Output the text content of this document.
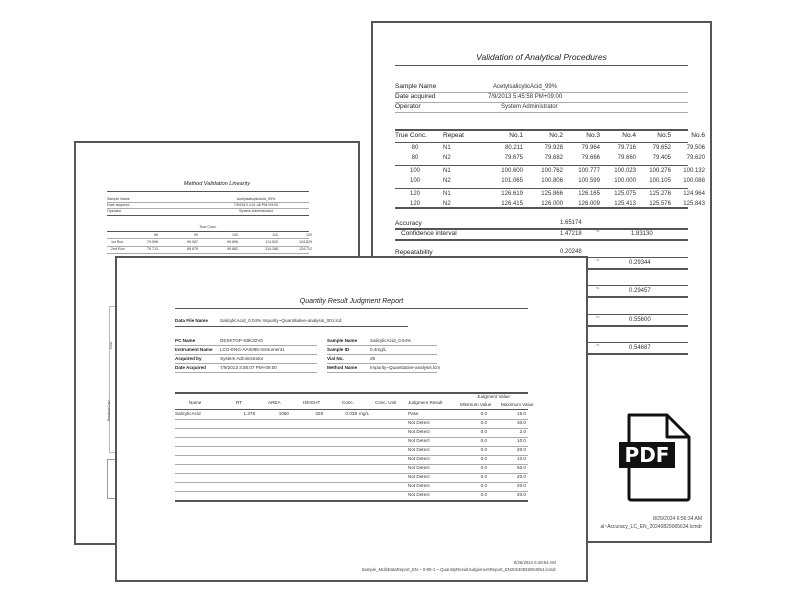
Validation of Analytical Procedures
Sample Name	AcetylsalicylicAcid_99%
Date acquired	7/9/2013 5:45:58 PM+09:00
Operator	System Administrator
True Conc. Repeat	No.1	No.2	No.3	No.4	No.5	No.6
80	N1	80.211	79.928	79.964	79.716	79.652	79.506
80	N2	79.675	79.682	79.666	79.660	79.405	79.620
100	N1	100.600	100.762	100.777	100.023	100.276	100.132
100	N2	101.065	100.806	100.599	100.000	100.105	100.088
120	N1	126.619	125.866	126.165	125.075	125.276	124.964
120	N2	126.415	126.000	126.009	125.413	125.576	125.843
Accuracy	1.65174
Confidence interval	1.47218 ~	1.83130
Repeatability	0.20248
~	0.29344
~	0.29457
~	0.55600
~	0.54687
8/29/2024 6:56:34 AM
al~Accuracy_LC_EN_20240829065634.lcmdr
PDF
Method Validation Linearity
Sample Name	AcetylsalicylicAcid_99%
Date acquired	7/9/2013 4:01:48 PM+09:00
Operator	System Administrator
True Conc.
80	90	100	110	120
1st Run	79.598	90.087	99.896	114.500	124.829
2nd Run	79.713	89.679	99.682	114.168	124.712
Conc.
Residual Conc.
Quantity Result Judgment Report
Data File Name	SalicylicAcid_0.04% Impurity~Quantitative-analysis_001.lcd
PC Name	DESKTOP-S8K32V0	Sample Name	SalicylicAcid_0.04%
Instrument Name LCG-ENG-AA0085-Instrument1	Sample ID	0.4mg/L
Acquired by	System Administrator	Vial No.	28
Date Acquired	7/9/2013 3:58:07 PM+09:00	Method Name	Impurity~Quantitative-analysis.lcm
Name	RT	AREA	HEIGHT	Conc.	Conc. Unit	Judgment Result
Judgment Value
Minimum Value Maximum Value
SalicylicAcid	1.378	1060	328	0.038 mg/L	Pass	0.0	15.0
Not Detect	0.0	30.0
Not Detect	0.0	2.0
Not Detect	0.0	10.0
Not Detect	0.0	20.0
Not Detect	0.0	10.0
Not Detect	0.0	50.0
Not Detect	0.0	20.0
Not Detect	0.0	20.0
Not Detect	0.0	20.0
8/26/2024 6:49:54 AM
Sample_MultiDataReport_EN ~ 0-80-1 ~ QuantityResultJudgementReport_EN20240826064954.lcmdr
